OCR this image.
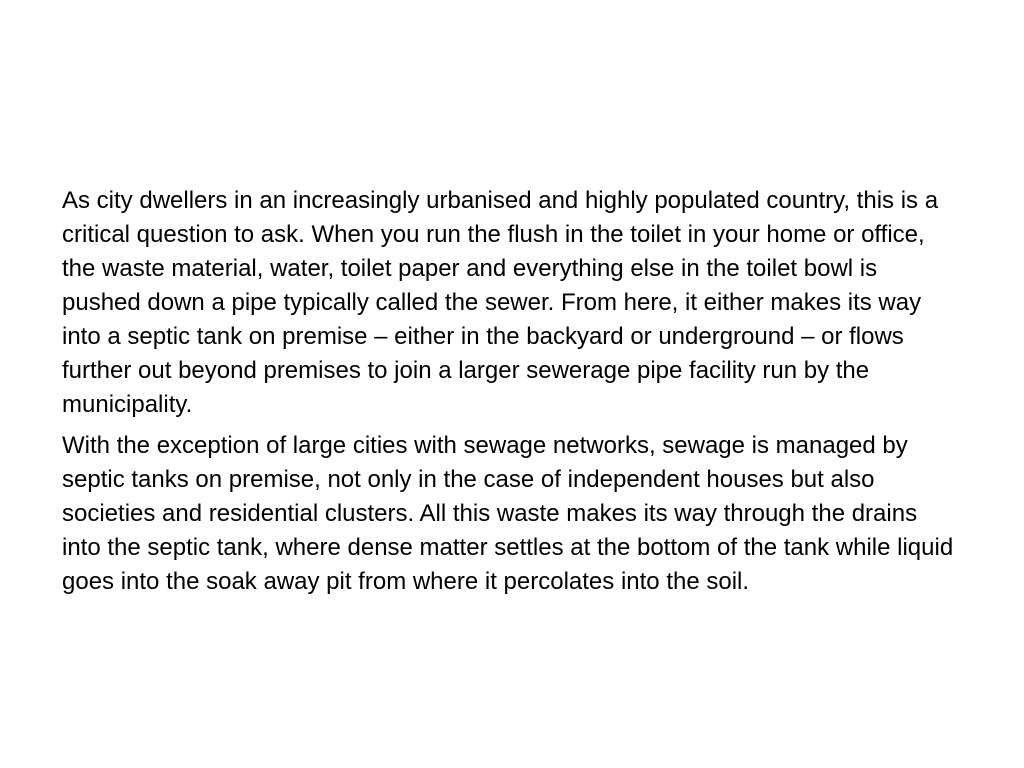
As city dwellers in an increasingly urbanised and highly populated country, this is a critical question to ask. When you run the flush in the toilet in your home or office, the waste material, water, toilet paper and everything else in the toilet bowl is pushed down a pipe typically called the sewer. From here, it either makes its way into a septic tank on premise – either in the backyard or underground – or flows further out beyond premises to join a larger sewerage pipe facility run by the municipality.

With the exception of large cities with sewage networks, sewage is managed by septic tanks on premise, not only in the case of independent houses but also societies and residential clusters. All this waste makes its way through the drains into the septic tank, where dense matter settles at the bottom of the tank while liquid goes into the soak away pit from where it percolates into the soil.
